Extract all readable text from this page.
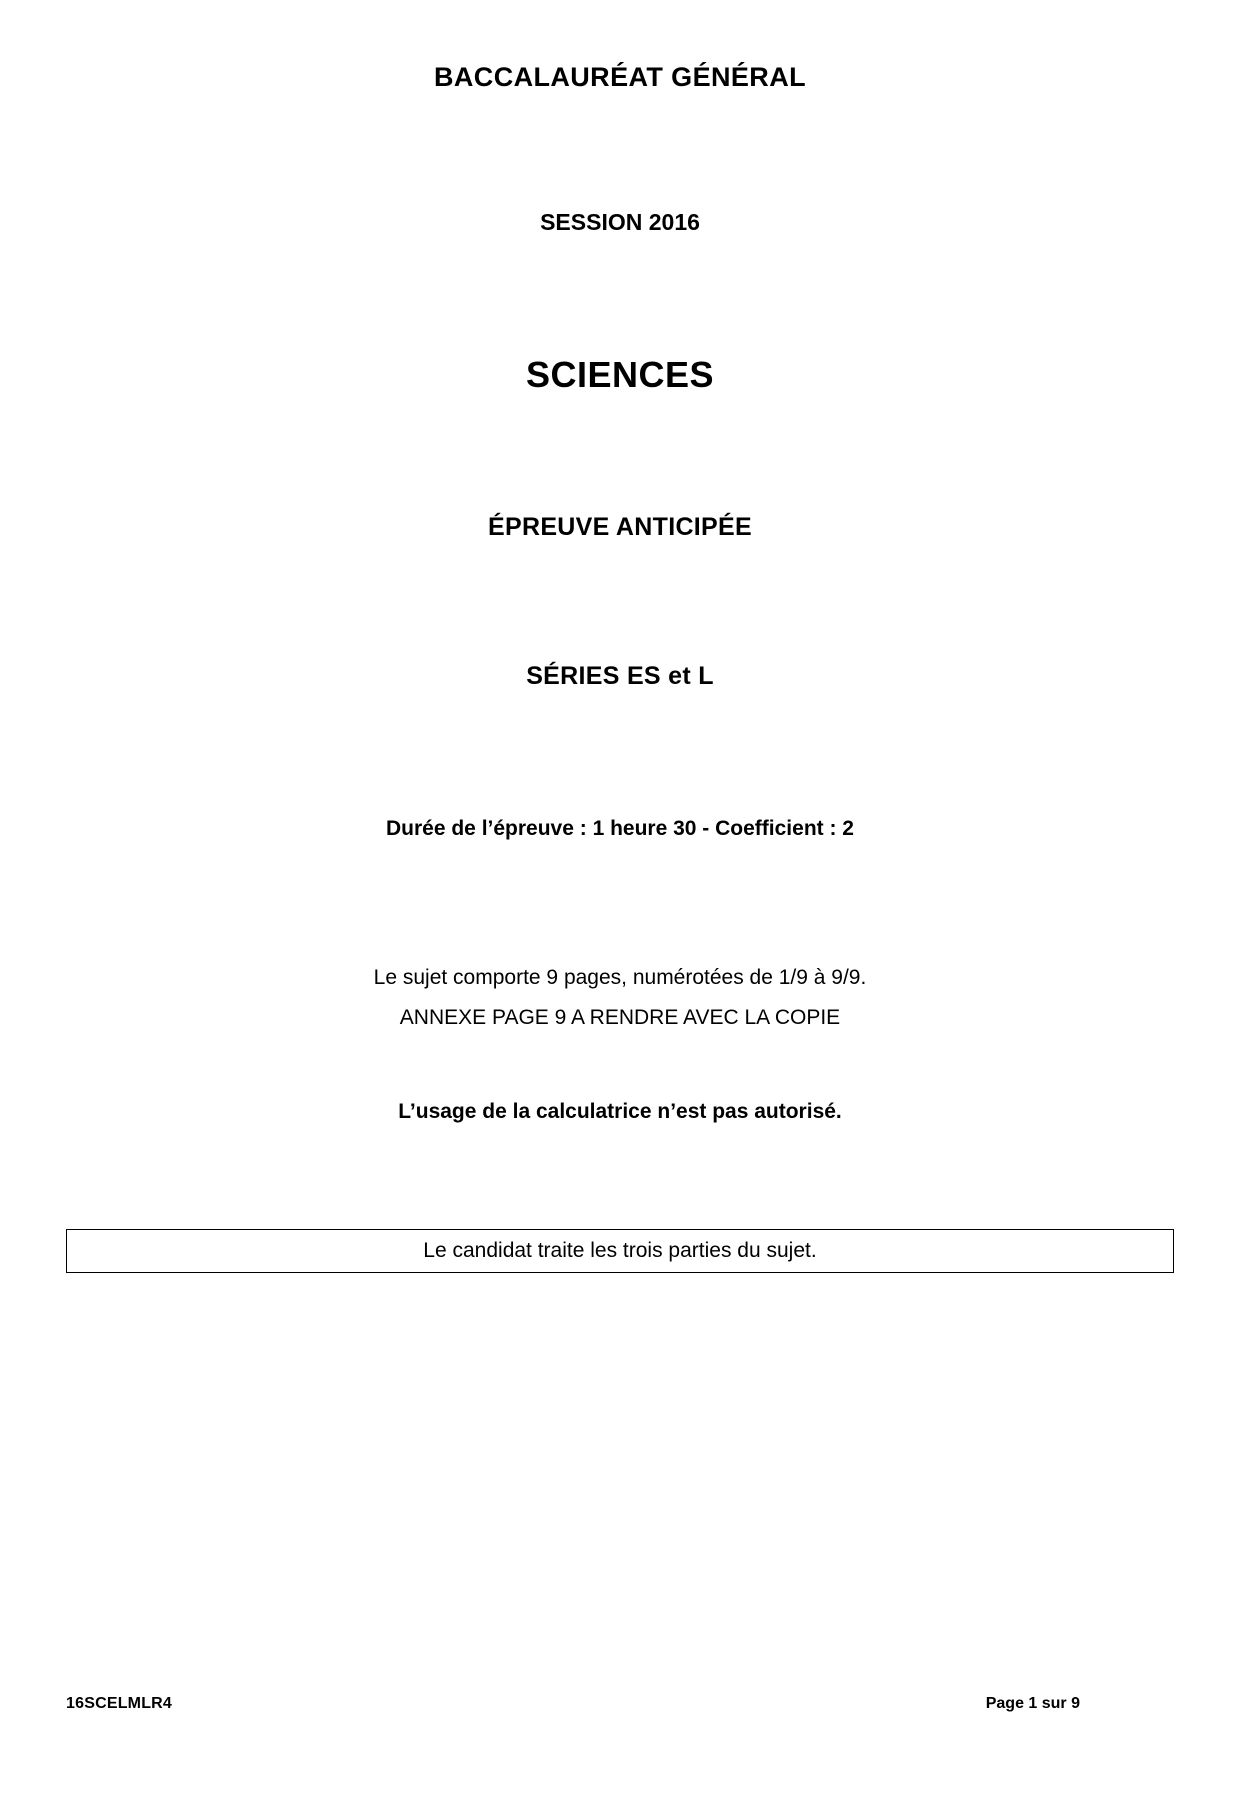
BACCALAURÉAT GÉNÉRAL
SESSION 2016
SCIENCES
ÉPREUVE ANTICIPÉE
SÉRIES ES et L
Durée de l’épreuve : 1 heure 30 - Coefficient : 2
Le sujet comporte 9 pages, numérotées de 1/9 à 9/9.
ANNEXE PAGE 9 A RENDRE AVEC LA COPIE
L’usage de la calculatrice n’est pas autorisé.
Le candidat traite les trois parties du sujet.
16SCELMLR4	Page 1 sur 9
